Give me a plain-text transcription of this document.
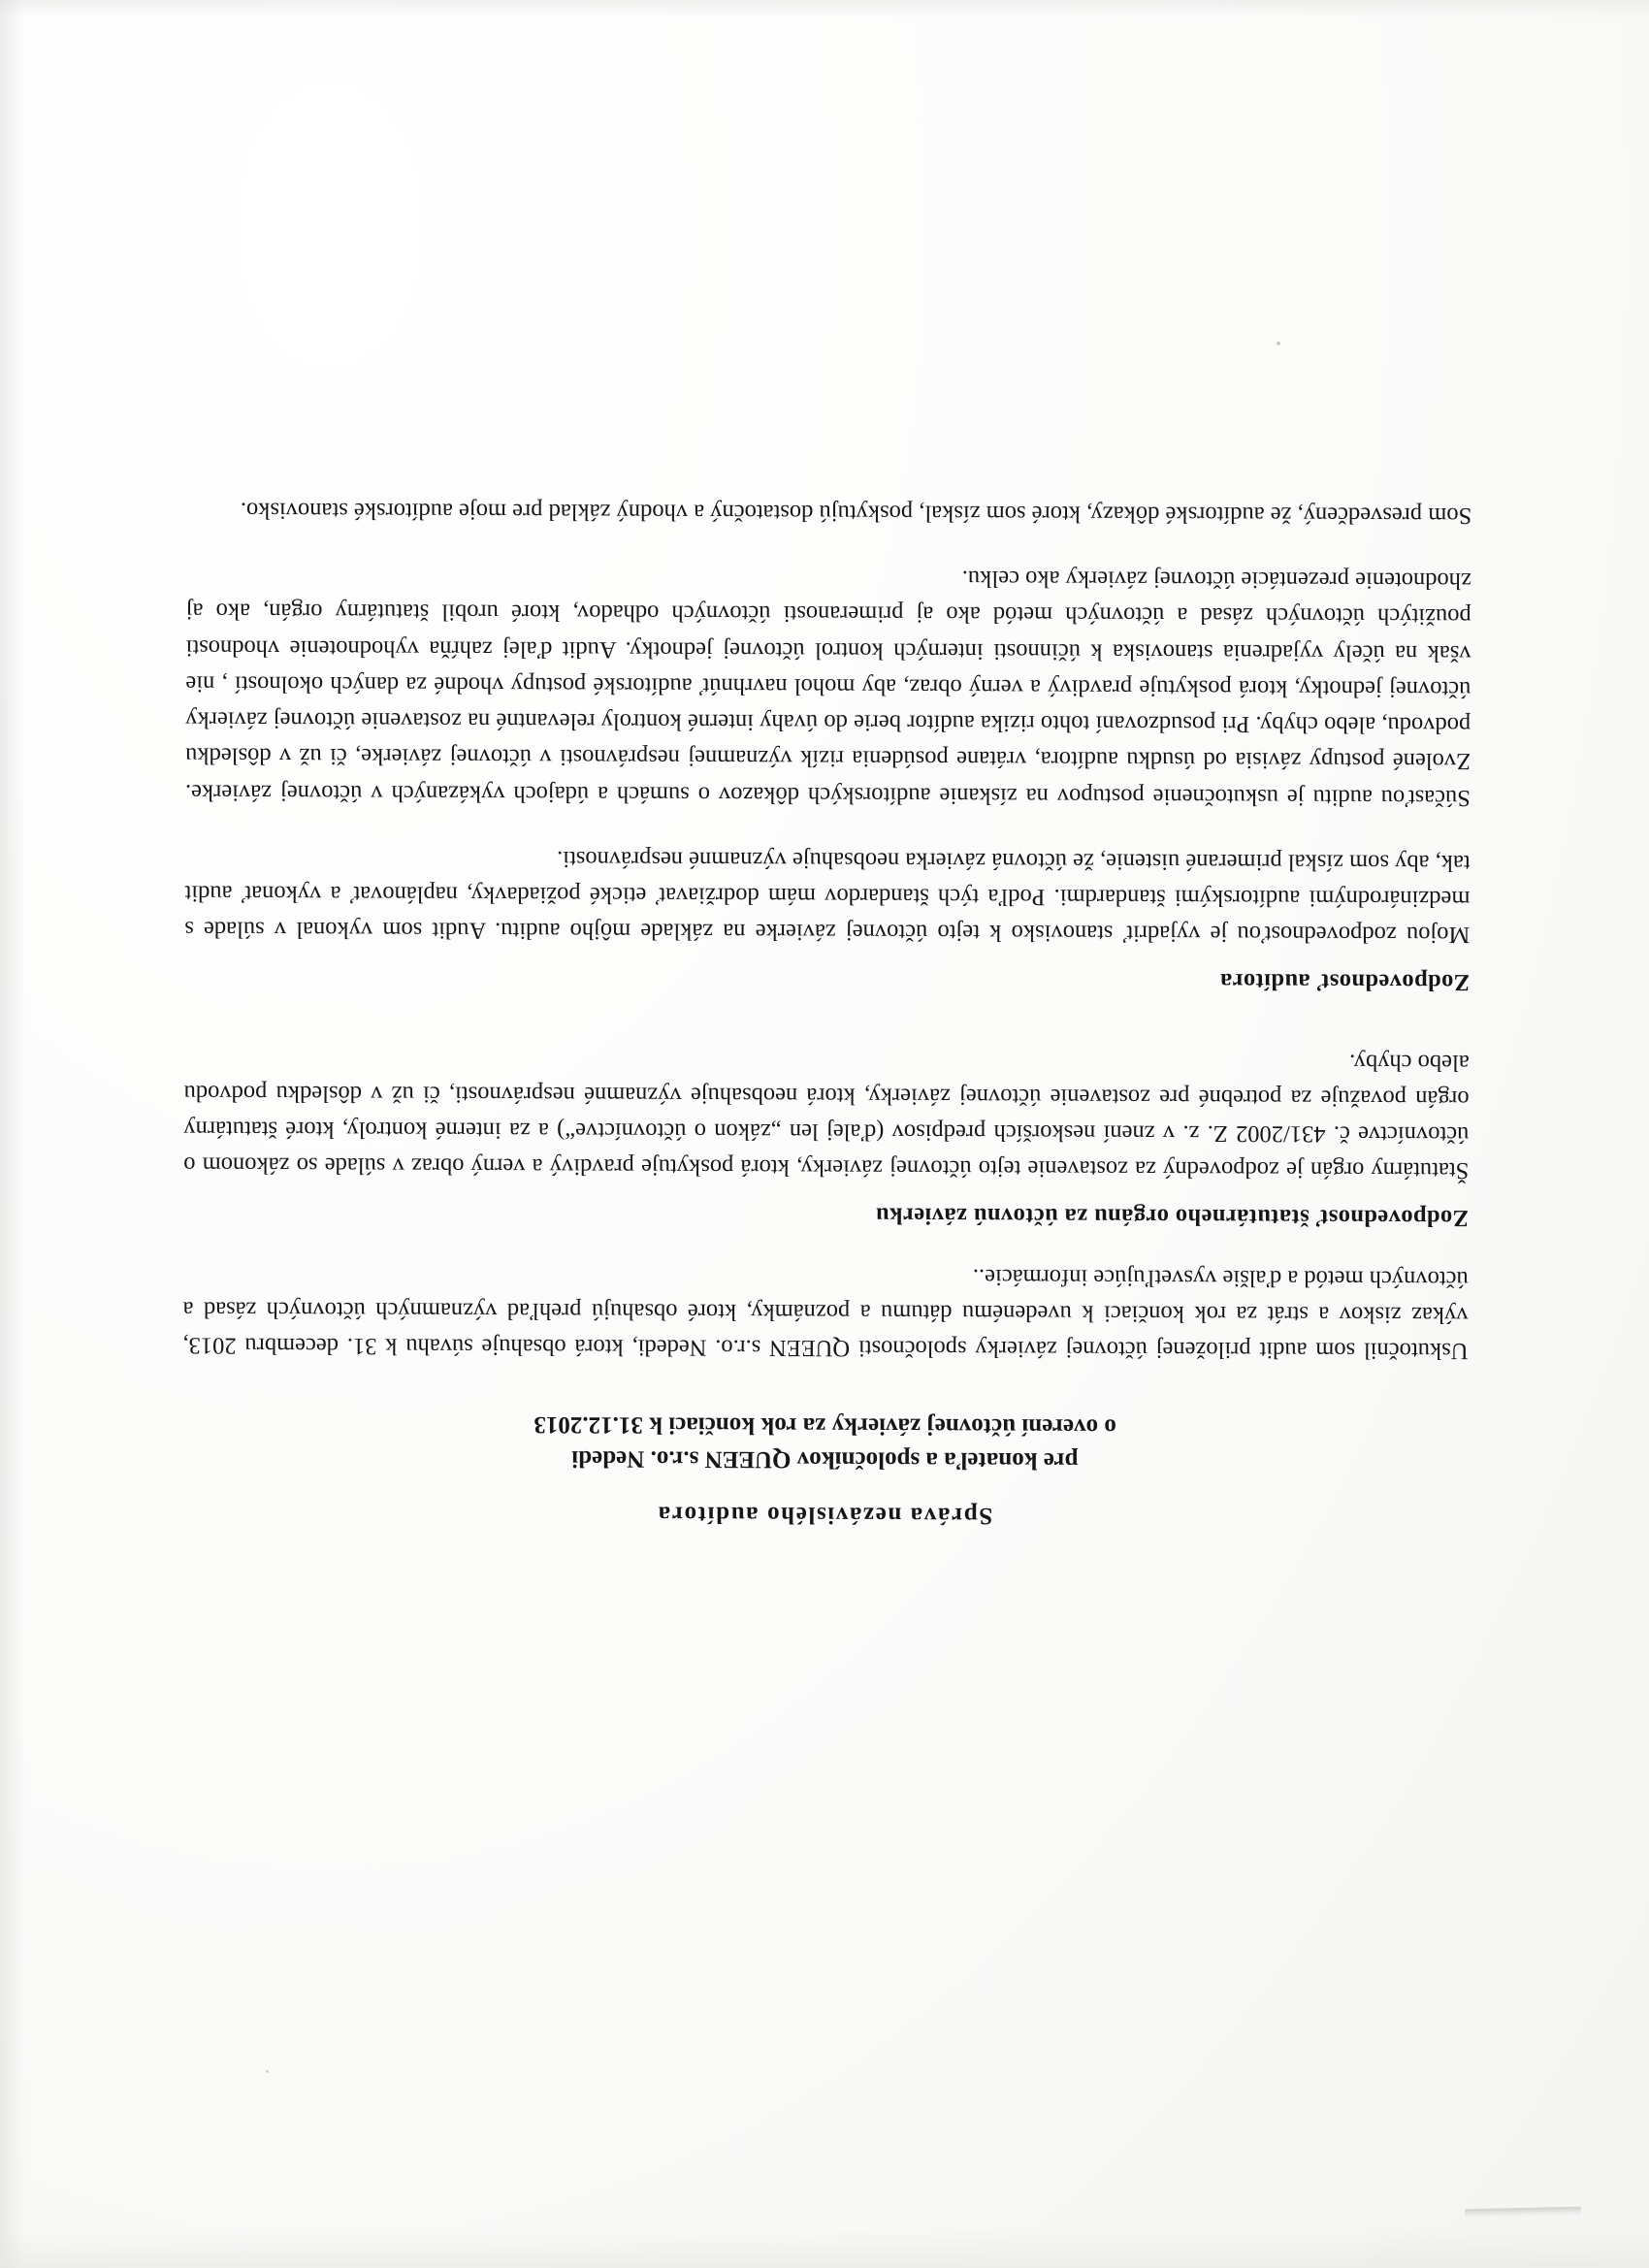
Správa nezávislého audítora
pre konateľa a spoločníkov QUEEN s.r.o. Nededi
o overení účtovnej závierky za rok končiaci k 31.12.2013

Uskutočnil som audit priloženej účtovnej závierky spoločnosti QUEEN s.r.o. Nededi, ktorá obsahuje súvahu k 31. decembru 2013, výkaz ziskov a strát za rok končiaci k uvedenému dátumu a poznámky, ktoré obsahujú prehľad významných účtovných zásad a účtovných metód a ďalšie vysvetľujúce informácie..

Zodpovednosť štatutárneho orgánu za účtovnú závierku

Štatutárny orgán je zodpovedný za zostavenie tejto účtovnej závierky, ktorá poskytuje pravdivý a verný obraz v súlade so zákonom o účtovníctve č. 431/2002 Z. z. v znení neskorších predpisov (ďalej len „zákon o účtovníctve“) a za interné kontroly, ktoré štatutárny orgán považuje za potrebné pre zostavenie účtovnej závierky, ktorá neobsahuje významné nesprávnosti, či už v dôsledku podvodu alebo chyby.

Zodpovednosť audítora

Mojou zodpovednosťou je vyjadriť stanovisko k tejto účtovnej závierke na základe môjho auditu. Audit som vykonal v súlade s medzinárodnými audítorskými štandardmi. Podľa tých štandardov mám dodržiavať etické požiadavky, naplánovať a vykonať audit tak, aby som získal primerané uistenie, že účtovná závierka neobsahuje významné nesprávnosti.

Súčasťou auditu je uskutočnenie postupov na získanie audítorských dôkazov o sumách a údajoch vykázaných v účtovnej závierke. Zvolené postupy závisia od úsudku audítora, vrátane posúdenia rizík významnej nesprávnosti v účtovnej závierke, či už v dôsledku podvodu, alebo chyby. Pri posudzovaní tohto rizika audítor berie do úvahy interné kontroly relevantné na zostavenie účtovnej závierky účtovnej jednotky, ktorá poskytuje pravdivý a verný obraz, aby mohol navrhnúť audítorské postupy vhodné za daných okolností , nie však na účely vyjadrenia stanoviska k účinnosti interných kontrol účtovnej jednotky. Audit ďalej zahŕňa vyhodnotenie vhodnosti použitých účtovných zásad a účtovných metód ako aj primeranosti účtovných odhadov, ktoré urobil štatutárny orgán, ako aj zhodnotenie prezentácie účtovnej závierky ako celku.

Som presvedčený, že audítorské dôkazy, ktoré som získal, poskytujú dostatočný a vhodný základ pre moje audítorské stanovisko.
